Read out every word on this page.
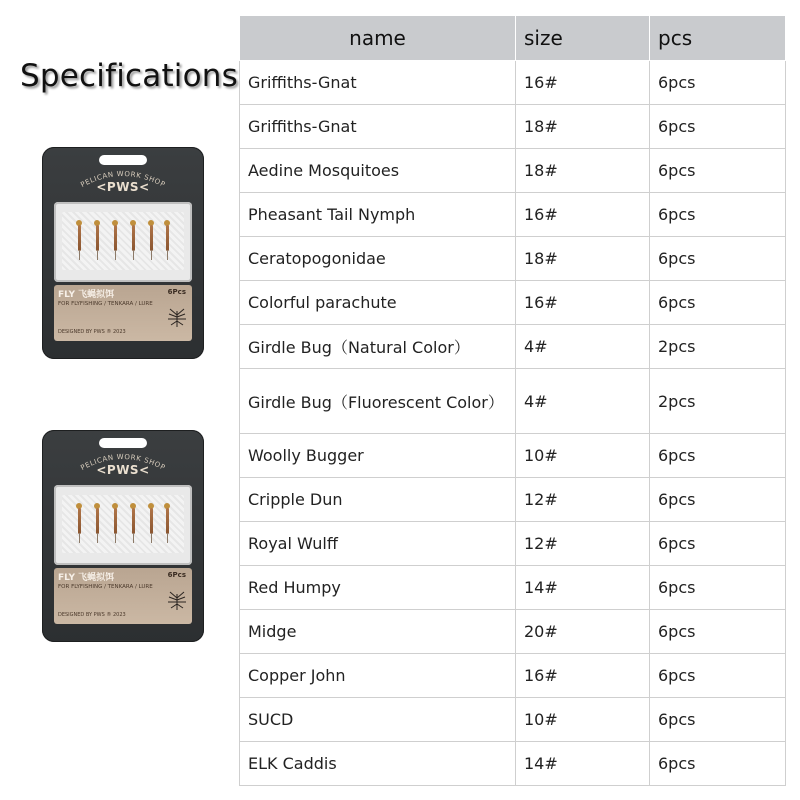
Specifications
PELICAN WORK SHOP
<PWS<
FLY 飞蝇拟饵	6Pcs
FOR FLYFISHING / TENKARA / LURE
DESIGNED BY PWS ® 2023
PELICAN WORK SHOP
<PWS<
FLY 飞蝇拟饵	6Pcs
FOR FLYFISHING / TENKARA / LURE
DESIGNED BY PWS ® 2023
name	size	pcs
Griffiths-Gnat	16#	6pcs
Griffiths-Gnat	18#	6pcs
Aedine Mosquitoes	18#	6pcs
Pheasant Tail Nymph	16#	6pcs
Ceratopogonidae	18#	6pcs
Colorful parachute	16#	6pcs
Girdle Bug（Natural Color）	4#	2pcs
Girdle Bug（Fluorescent Color）	4#	2pcs
Woolly Bugger	10#	6pcs
Cripple Dun	12#	6pcs
Royal Wulff	12#	6pcs
Red Humpy	14#	6pcs
Midge	20#	6pcs
Copper John	16#	6pcs
SUCD	10#	6pcs
ELK Caddis	14#	6pcs
